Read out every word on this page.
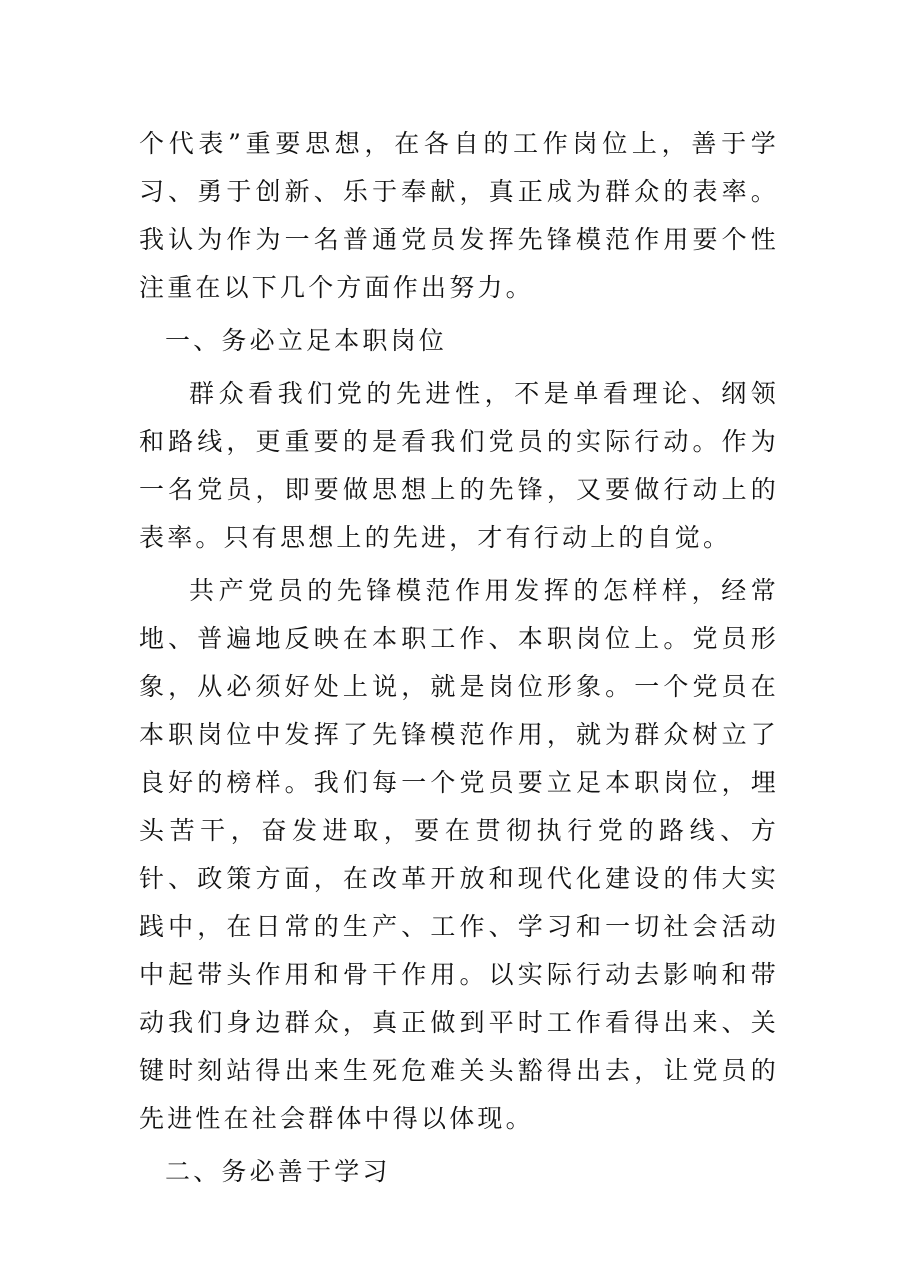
个代表”重要思想，在各自的工作岗位上，善于学习、勇于创新、乐于奉献，真正成为群众的表率。我认为作为一名普通党员发挥先锋模范作用要个性注重在以下几个方面作出努力。

一、务必立足本职岗位

群众看我们党的先进性，不是单看理论、纲领和路线，更重要的是看我们党员的实际行动。作为一名党员，即要做思想上的先锋，又要做行动上的表率。只有思想上的先进，才有行动上的自觉。

共产党员的先锋模范作用发挥的怎样样，经常地、普遍地反映在本职工作、本职岗位上。党员形象，从必须好处上说，就是岗位形象。一个党员在本职岗位中发挥了先锋模范作用，就为群众树立了良好的榜样。我们每一个党员要立足本职岗位，埋头苦干，奋发进取，要在贯彻执行党的路线、方针、政策方面，在改革开放和现代化建设的伟大实践中，在日常的生产、工作、学习和一切社会活动中起带头作用和骨干作用。以实际行动去影响和带动我们身边群众，真正做到平时工作看得出来、关键时刻站得出来生死危难关头豁得出去，让党员的先进性在社会群体中得以体现。

二、务必善于学习
